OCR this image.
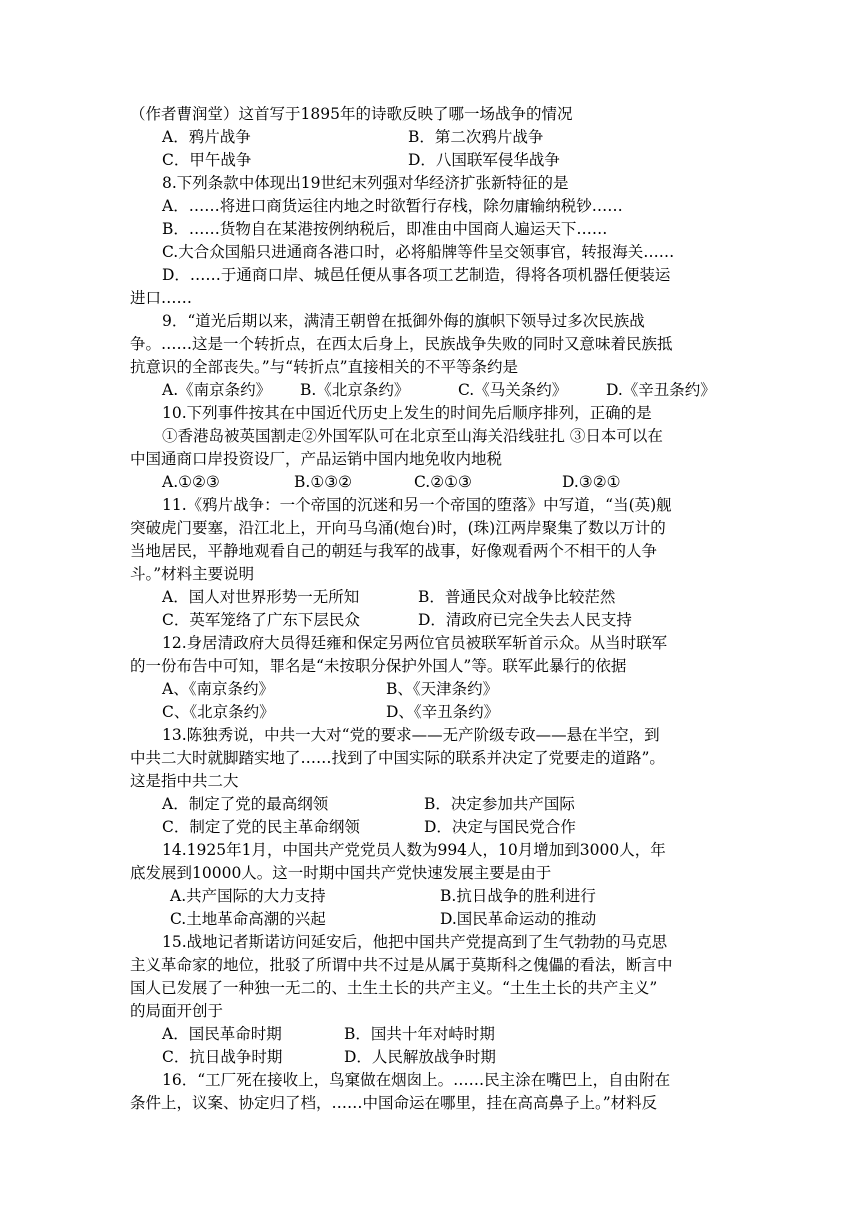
（作者曹润堂）这首写于1895年的诗歌反映了哪一场战争的情况
A．鸦片战争	B．第二次鸦片战争
C．甲午战争	D．八国联军侵华战争
8.下列条款中体现出19世纪末列强对华经济扩张新特征的是
A．……将进口商货运往内地之时欲暂行存栈，除勿庸输纳税钞……
B．……货物自在某港按例纳税后，即准由中国商人遍运天下……
C.大合众国船只进通商各港口时，必将船牌等件呈交领事官，转报海关……
D．……于通商口岸、城邑任便从事各项工艺制造，得将各项机器任便装运
进口……
9．“道光后期以来，满清王朝曾在抵御外侮的旗帜下领导过多次民族战
争。……这是一个转折点，在西太后身上，民族战争失败的同时又意味着民族抵
抗意识的全部丧失。”与“转折点”直接相关的不平等条约是
A.《南京条约》 B.《北京条约》	C.《马关条约》	D.《辛丑条约》
10.下列事件按其在中国近代历史上发生的时间先后顺序排列，正确的是
①香港岛被英国割走②外国军队可在北京至山海关沿线驻扎 ③日本可以在
中国通商口岸投资设厂，产品运销中国内地免收内地税
A.①②③	B.①③②	C.②①③	D.③②①
11.《鸦片战争：一个帝国的沉迷和另一个帝国的堕落》中写道，“当(英)舰
突破虎门要塞，沿江北上，开向马乌涌(炮台)时，(珠)江两岸聚集了数以万计的
当地居民，平静地观看自己的朝廷与我军的战事，好像观看两个不相干的人争
斗。”材料主要说明
A．国人对世界形势一无所知	B．普通民众对战争比较茫然
C．英军笼络了广东下层民众	D．清政府已完全失去人民支持
12.身居清政府大员得廷雍和保定另两位官员被联军斩首示众。从当时联军
的一份布告中可知，罪名是“未按职分保护外国人”等。联军此暴行的依据
A、《南京条约》	B、《天津条约》
C、《北京条约》	D、《辛丑条约》
13.陈独秀说，中共一大对“党的要求——无产阶级专政——悬在半空，到
中共二大时就脚踏实地了……找到了中国实际的联系并决定了党要走的道路”。
这是指中共二大
A．制定了党的最高纲领	B．决定参加共产国际
C．制定了党的民主革命纲领	D．决定与国民党合作
14.1925年1月，中国共产党党员人数为994人，10月增加到3000人，年
底发展到10000人。这一时期中国共产党快速发展主要是由于
A.共产国际的大力支持	B.抗日战争的胜利进行
C.土地革命高潮的兴起	D.国民革命运动的推动
15.战地记者斯诺访问延安后，他把中国共产党提高到了生气勃勃的马克思
主义革命家的地位，批驳了所谓中共不过是从属于莫斯科之傀儡的看法，断言中
国人已发展了一种独一无二的、土生土长的共产主义。“土生土长的共产主义”
的局面开创于
A．国民革命时期	B．国共十年对峙时期
C．抗日战争时期	D．人民解放战争时期
16．“工厂死在接收上，鸟窠做在烟囱上。……民主涂在嘴巴上，自由附在
条件上，议案、协定归了档，……中国命运在哪里，挂在高高鼻子上。”材料反
